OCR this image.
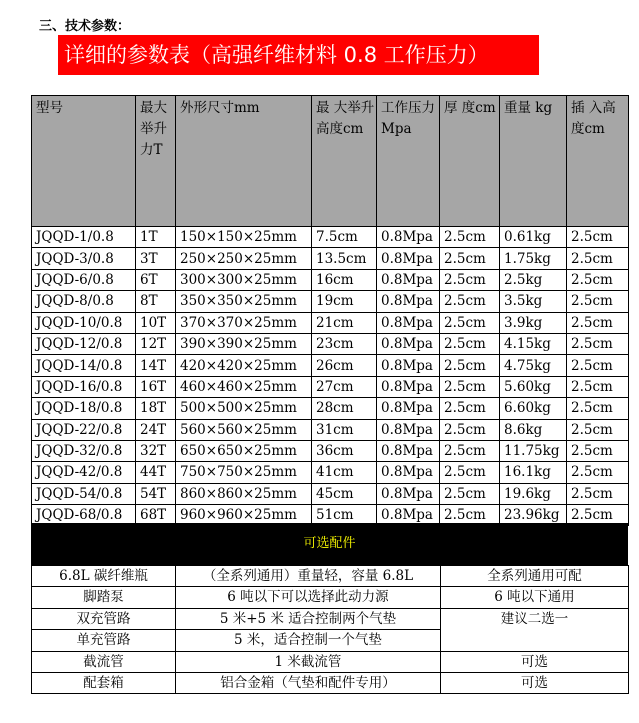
三、技术参数：
详细的参数表（高强纤维材料 0.8 工作压力）
型号	最大举升力T	外形尺寸mm	最 大举升高度cm	工作压力Mpa	厚 度cm	重量 kg	插 入高 度cm
JQQD-1/0.8	1T	150×150×25mm	7.5cm	0.8Mpa	2.5cm	0.61kg	2.5cm
JQQD-3/0.8	3T	250×250×25mm	13.5cm	0.8Mpa	2.5cm	1.75kg	2.5cm
JQQD-6/0.8	6T	300×300×25mm	16cm	0.8Mpa	2.5cm	2.5kg	2.5cm
JQQD-8/0.8	8T	350×350×25mm	19cm	0.8Mpa	2.5cm	3.5kg	2.5cm
JQQD-10/0.8	10T	370×370×25mm	21cm	0.8Mpa	2.5cm	3.9kg	2.5cm
JQQD-12/0.8	12T	390×390×25mm	23cm	0.8Mpa	2.5cm	4.15kg	2.5cm
JQQD-14/0.8	14T	420×420×25mm	26cm	0.8Mpa	2.5cm	4.75kg	2.5cm
JQQD-16/0.8	16T	460×460×25mm	27cm	0.8Mpa	2.5cm	5.60kg	2.5cm
JQQD-18/0.8	18T	500×500×25mm	28cm	0.8Mpa	2.5cm	6.60kg	2.5cm
JQQD-22/0.8	24T	560×560×25mm	31cm	0.8Mpa	2.5cm	8.6kg	2.5cm
JQQD-32/0.8	32T	650×650×25mm	36cm	0.8Mpa	2.5cm	11.75kg	2.5cm
JQQD-42/0.8	44T	750×750×25mm	41cm	0.8Mpa	2.5cm	16.1kg	2.5cm
JQQD-54/0.8	54T	860×860×25mm	45cm	0.8Mpa	2.5cm	19.6kg	2.5cm
JQQD-68/0.8	68T	960×960×25mm	51cm	0.8Mpa	2.5cm	23.96kg	2.5cm
可选配件
6.8L 碳纤维瓶	（全系列通用）重量轻，容量 6.8L	全系列通用可配
脚踏泵	6 吨以下可以选择此动力源	6 吨以下通用
双充管路	5 米+5 米 适合控制两个气垫	建议二选一
单充管路	5 米，适合控制一个气垫	
截流管	1 米截流管	可选
配套箱	铝合金箱（气垫和配件专用）	可选
